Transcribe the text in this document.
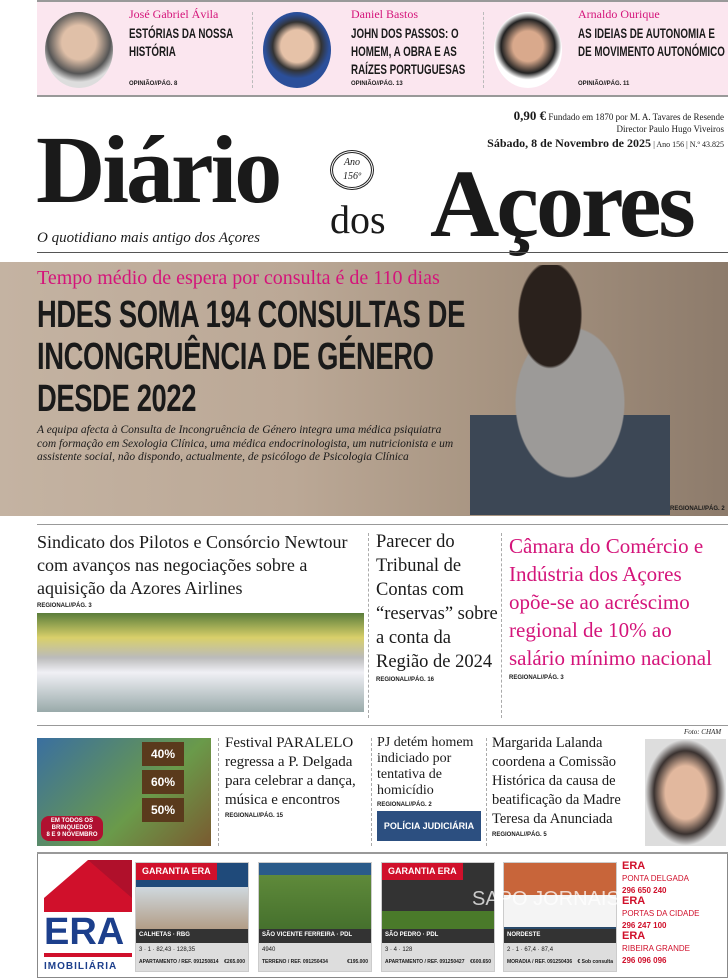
José Gabriel Ávila
ESTÓRIAS DA NOSSA HISTÓRIA
OPINIÃO//PÁG. 8
Daniel Bastos
JOHN DOS PASSOS: O HOMEM, A OBRA E AS RAÍZES PORTUGUESAS
OPINIÃO//PÁG. 13
Arnaldo Ourique
AS IDEIAS DE AUTONOMIA E DE MOVIMENTO AUTONÓMICO
OPINIÃO//PÁG. 11
Diário	Ano
156º
dos Açores
O quotidiano mais antigo dos Açores
0,90 € Fundado em 1870 por M. A. Tavares de Resende
Director Paulo Hugo Viveiros
Sábado, 8 de Novembro de 2025 | Ano 156 | N.º 43.825
Tempo médio de espera por consulta é de 110 dias
HDES SOMA 194 CONSULTAS DE INCONGRUÊNCIA DE GÉNERO DESDE 2022
A equipa afecta à Consulta de Incongruência de Género integra uma médica psiquiatra com formação em Sexologia Clínica, uma médica endocrinologista, um nutricionista e um assistente social, não dispondo, actualmente, de psicólogo de Psicologia Clínica
REGIONAL//PÁG. 2
Sindicato dos Pilotos e Consórcio Newtour com avanços nas negociações sobre a aquisição da Azores Airlines
REGIONAL//PÁG. 3
Parecer do Tribunal de Contas com “reservas” sobre a conta da Região de 2024
REGIONAL//PÁG. 16
Câmara do Comércio e Indústria dos Açores opõe-se ao acréscimo regional de 10% ao salário mínimo nacional
REGIONAL//PÁG. 3
40%
60%
50%
EM TODOS OS BRINQUEDOS
8 E 9 NOVEMBRO
Festival PARALELO regressa a P. Delgada para celebrar a dança, música e encontros
REGIONAL//PÁG. 15
PJ detém homem indiciado por tentativa de homicídio
REGIONAL//PÁG. 2
POLÍCIA JUDICIÁRIA
Margarida Lalanda coordena a Comissão Histórica da causa de beatificação da Madre Teresa da Anunciada
REGIONAL//PÁG. 5
Foto: CHAM
ERA
IMOBILIÁRIA
GARANTIA ERA
CALHETAS · RBG
3 · 1 · 82,43 · 128,35
APARTAMENTO / REF. 091250814 €265.000
SÃO VICENTE FERREIRA · PDL
4940
TERRENO / REF. 091250434	€195.000
GARANTIA ERA
SÃO PEDRO · PDL
3 · 4 · 128
APARTAMENTO / REF. 091250427 €600.650
NORDESTE
2 · 1 · 67,4 · 87,4
MORADIA / REF. 091250436 € Sob consulta
SAPO JORNAIS
ERA
PONTA DELGADA
296 650 240
ERA
PORTAS DA CIDADE
296 247 100
ERA
RIBEIRA GRANDE
296 096 096
